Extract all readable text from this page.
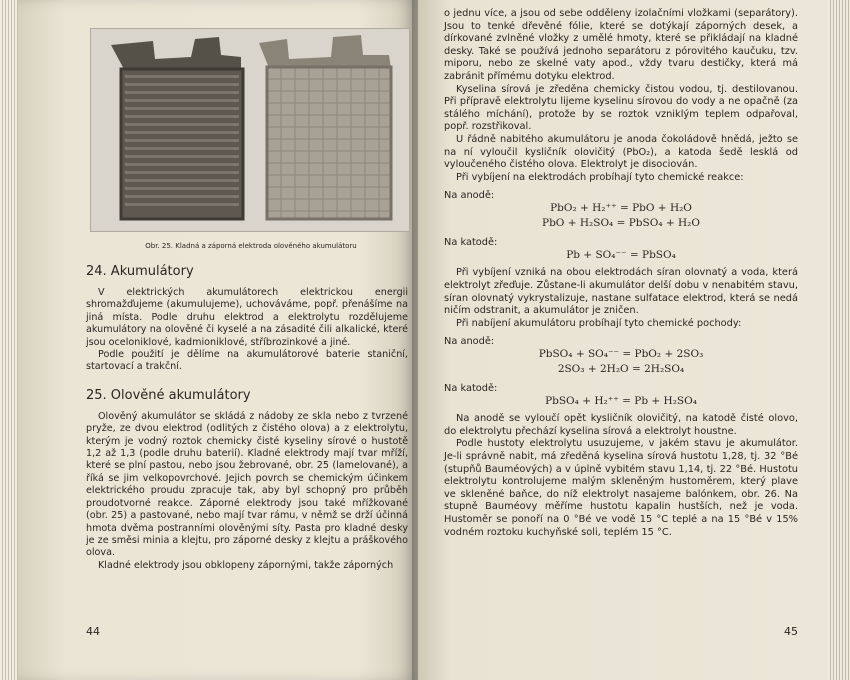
Obr. 25. Kladná a záporná elektroda olověného akumulátoru
24. Akumulátory

V elektrických akumulátorech elektrickou energii shromažďujeme (akumulujeme), uchováváme, popř. přenášíme na jiná místa. Podle druhu elektrod a elektrolytu rozdělujeme akumulátory na olověné či kyselé a na zásadité čili alkalické, které jsou oceloniklové, kadmioniklové, stříbrozinkové a jiné.

Podle použití je dělíme na akumulátorové baterie staniční, startovací a trakční.

25. Olověné akumulátory

Olověný akumulátor se skládá z nádoby ze skla nebo z tvrzené pryže, ze dvou elektrod (odlitých z čistého olova) a z elektrolytu, kterým je vodný roztok chemicky čisté kyseliny sírové o hustotě 1,2 až 1,3 (podle druhu baterií). Kladné elektrody mají tvar mříží, které se plní pastou, nebo jsou žebrované, obr. 25 (lamelované), a říká se jim velkopovrchové. Jejich povrch se chemickým účinkem elektrického proudu zpracuje tak, aby byl schopný pro průběh proudotvorné reakce. Záporné elektrody jsou také mřížkované (obr. 25) a pastované, nebo mají tvar rámu, v němž se drží účinná hmota dvěma postranními olověnými síty. Pasta pro kladné desky je ze směsi minia a klejtu, pro záporné desky z klejtu a práškového olova.

Kladné elektrody jsou obklopeny zápornými, takže záporných

44

o jednu více, a jsou od sebe odděleny izolačními vložkami (separátory). Jsou to tenké dřevěné fólie, které se dotýkají záporných desek, a dírkované zvlněné vložky z umělé hmoty, které se přikládají na kladné desky. Také se používá jednoho separátoru z pórovitého kaučuku, tzv. miporu, nebo ze skelné vaty apod., vždy tvaru destičky, která má zabránit přímému dotyku elektrod.

Kyselina sírová je zředěna chemicky čistou vodou, tj. destilovanou. Při přípravě elektrolytu lijeme kyselinu sírovou do vody a ne opačně (za stálého míchání), protože by se roztok vzniklým teplem odpařoval, popř. rozstřikoval.

U řádně nabitého akumulátoru je anoda čokoládově hnědá, ježto se na ní vyloučil kysličník olovičitý (PbO₂), a katoda šedě lesklá od vyloučeného čistého olova. Elektrolyt je disociován.

Při vybíjení na elektrodách probíhají tyto chemické reakce:

Na anodě:
PbO₂ + H₂⁺⁺ = PbO + H₂O
PbO + H₂SO₄ = PbSO₄ + H₂O
Na katodě:
Pb + SO₄⁻⁻ = PbSO₄

Při vybíjení vzniká na obou elektrodách síran olovnatý a voda, která elektrolyt zřeďuje. Zůstane-li akumulátor delší dobu v nenabitém stavu, síran olovnatý vykrystalizuje, nastane sulfatace elektrod, která se nedá ničím odstranit, a akumulátor je zničen.

Při nabíjení akumulátoru probíhají tyto chemické pochody:

Na anodě:
PbSO₄ + SO₄⁻⁻ = PbO₂ + 2SO₃
2SO₃ + 2H₂O = 2H₂SO₄
Na katodě:
PbSO₄ + H₂⁺⁺ = Pb + H₂SO₄

Na anodě se vyloučí opět kysličník olovičitý, na katodě čisté olovo, do elektrolytu přechází kyselina sírová a elektrolyt houstne.

Podle hustoty elektrolytu usuzujeme, v jakém stavu je akumulátor. Je-li správně nabit, má zředěná kyselina sírová hustotu 1,28, tj. 32 °Bé (stupňů Bauméových) a v úplně vybitém stavu 1,14, tj. 22 °Bé. Hustotu elektrolytu kontrolujeme malým skleněným hustoměrem, který plave ve skleněné baňce, do níž elektrolyt nasajeme balónkem, obr. 26. Na stupně Bauméovy měříme hustotu kapalin hustších, než je voda. Hustoměr se ponoří na 0 °Bé ve vodě 15 °C teplé a na 15 °Bé v 15% vodném roztoku kuchyňské soli, teplém 15 °C.

45
